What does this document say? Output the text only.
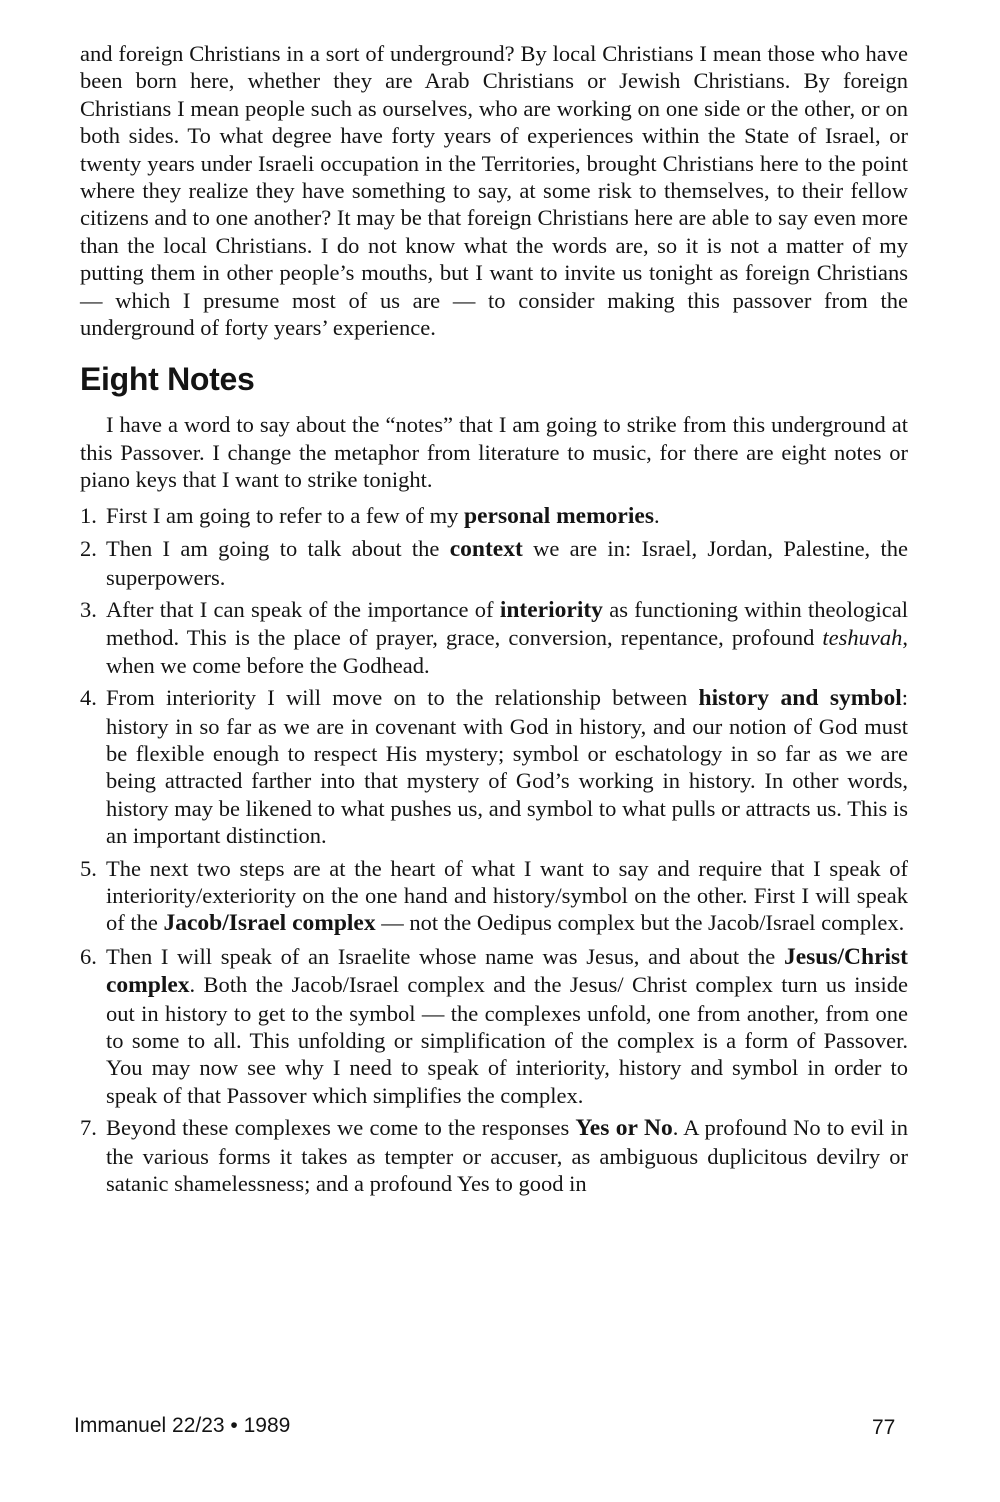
and foreign Christians in a sort of underground? By local Christians I mean those who have been born here, whether they are Arab Christians or Jewish Christians. By foreign Christians I mean people such as ourselves, who are working on one side or the other, or on both sides. To what degree have forty years of experiences within the State of Israel, or twenty years under Israeli occupation in the Territories, brought Christians here to the point where they realize they have something to say, at some risk to themselves, to their fellow citizens and to one another? It may be that foreign Christians here are able to say even more than the local Christians. I do not know what the words are, so it is not a matter of my putting them in other people’s mouths, but I want to invite us tonight as foreign Christians — which I presume most of us are — to consider making this passover from the underground of forty years’ experience.

Eight Notes

I have a word to say about the “notes” that I am going to strike from this underground at this Passover. I change the metaphor from literature to music, for there are eight notes or piano keys that I want to strike tonight.

1. First I am going to refer to a few of my personal memories.
2. Then I am going to talk about the context we are in: Israel, Jordan, Palestine, the superpowers.
3. After that I can speak of the importance of interiority as functioning within theological method. This is the place of prayer, grace, conversion, repentance, profound teshuvah, when we come before the Godhead.
4. From interiority I will move on to the relationship between history and symbol: history in so far as we are in covenant with God in history, and our notion of God must be flexible enough to respect His mystery; symbol or eschatology in so far as we are being attracted farther into that mystery of God’s working in history. In other words, history may be likened to what pushes us, and symbol to what pulls or attracts us. This is an important distinction.
5. The next two steps are at the heart of what I want to say and require that I speak of interiority/exteriority on the one hand and history/symbol on the other. First I will speak of the Jacob/Israel complex — not the Oedipus complex but the Jacob/Israel complex.
6. Then I will speak of an Israelite whose name was Jesus, and about the Jesus/Christ complex. Both the Jacob/Israel complex and the Jesus/ Christ complex turn us inside out in history to get to the symbol — the complexes unfold, one from another, from one to some to all. This unfolding or simplification of the complex is a form of Passover. You may now see why I need to speak of interiority, history and symbol in order to speak of that Passover which simplifies the complex.
7. Beyond these complexes we come to the responses Yes or No. A profound No to evil in the various forms it takes as tempter or accuser, as ambiguous duplicitous devilry or satanic shamelessness; and a profound Yes to good in
Immanuel 22/23 • 1989	77
